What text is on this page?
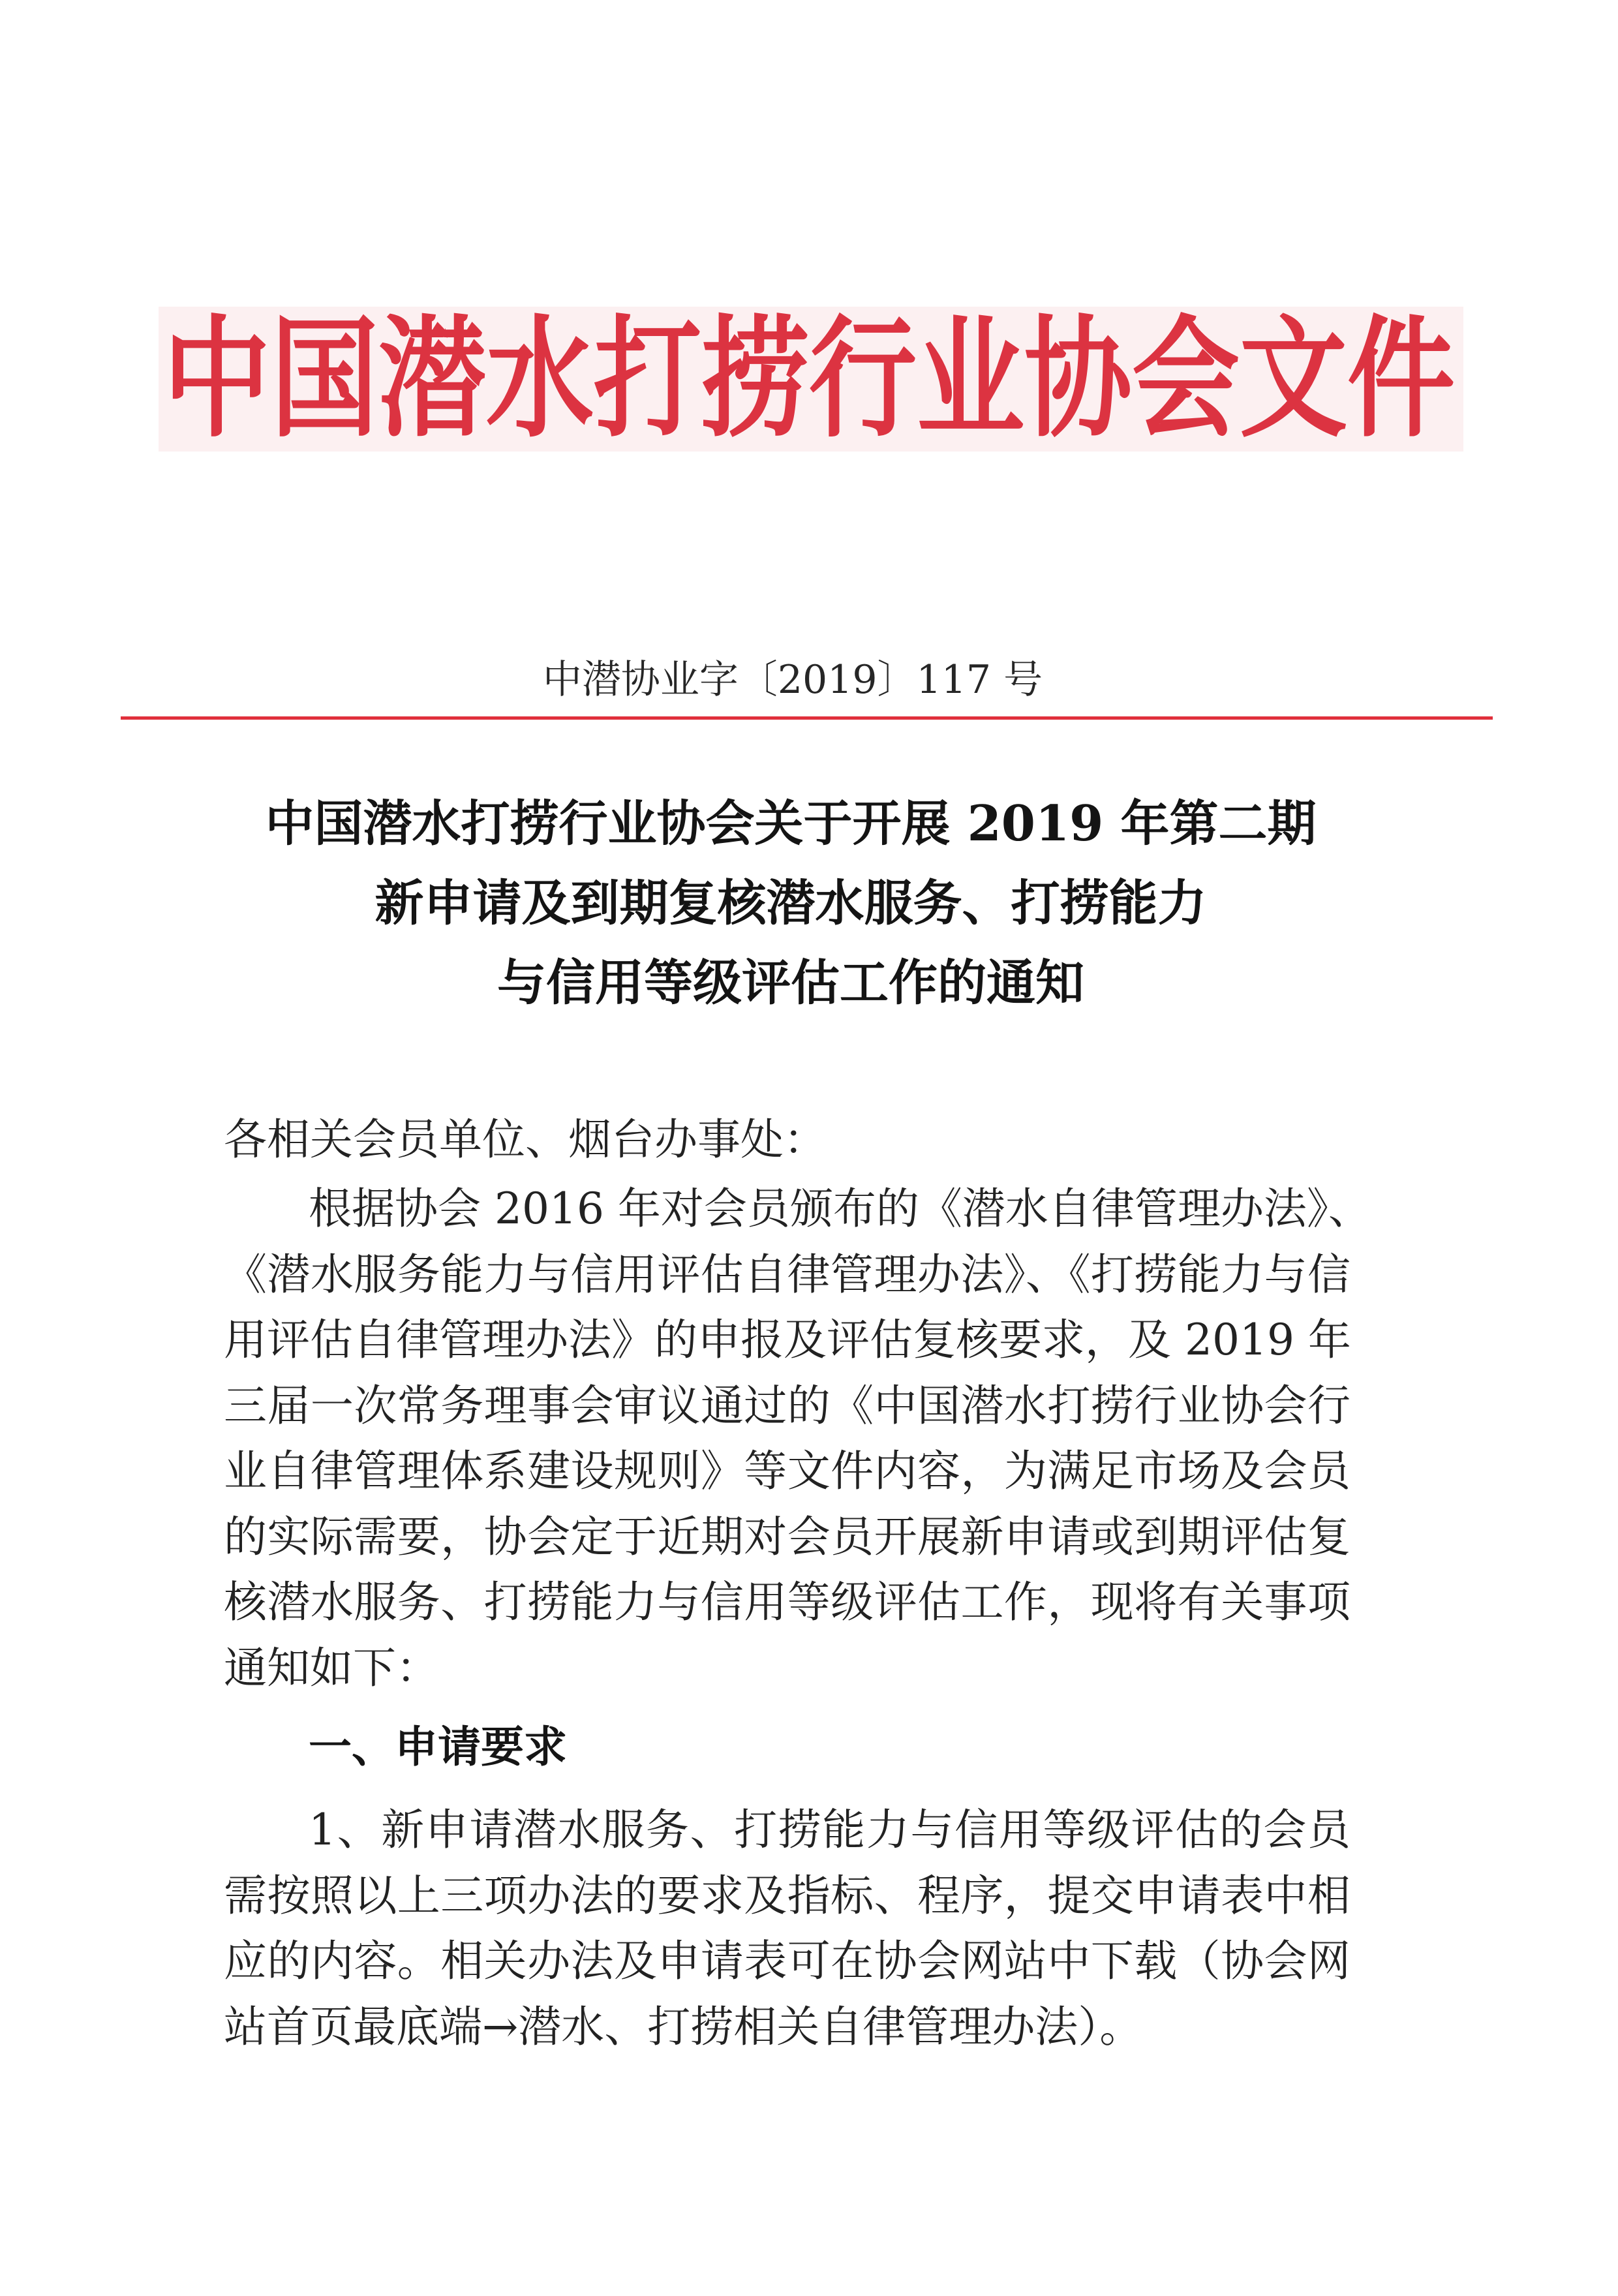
中国潜水打捞行业协会文件
中潜协业字〔2019〕117 号
中国潜水打捞行业协会关于开展 2019 年第二期
新申请及到期复核潜水服务、打捞能力
与信用等级评估工作的通知
各相关会员单位、烟台办事处：
根据协会 2016 年对会员颁布的《潜水自律管理办法》、
《潜水服务能力与信用评估自律管理办法》、《打捞能力与信
用评估自律管理办法》的申报及评估复核要求，及 2019 年
三届一次常务理事会审议通过的《中国潜水打捞行业协会行
业自律管理体系建设规则》等文件内容，为满足市场及会员
的实际需要，协会定于近期对会员开展新申请或到期评估复
核潜水服务、打捞能力与信用等级评估工作，现将有关事项
通知如下：
一、申请要求
1、新申请潜水服务、打捞能力与信用等级评估的会员
需按照以上三项办法的要求及指标、程序，提交申请表中相
应的内容。相关办法及申请表可在协会网站中下载（协会网
站首页最底端→潜水、打捞相关自律管理办法）。
